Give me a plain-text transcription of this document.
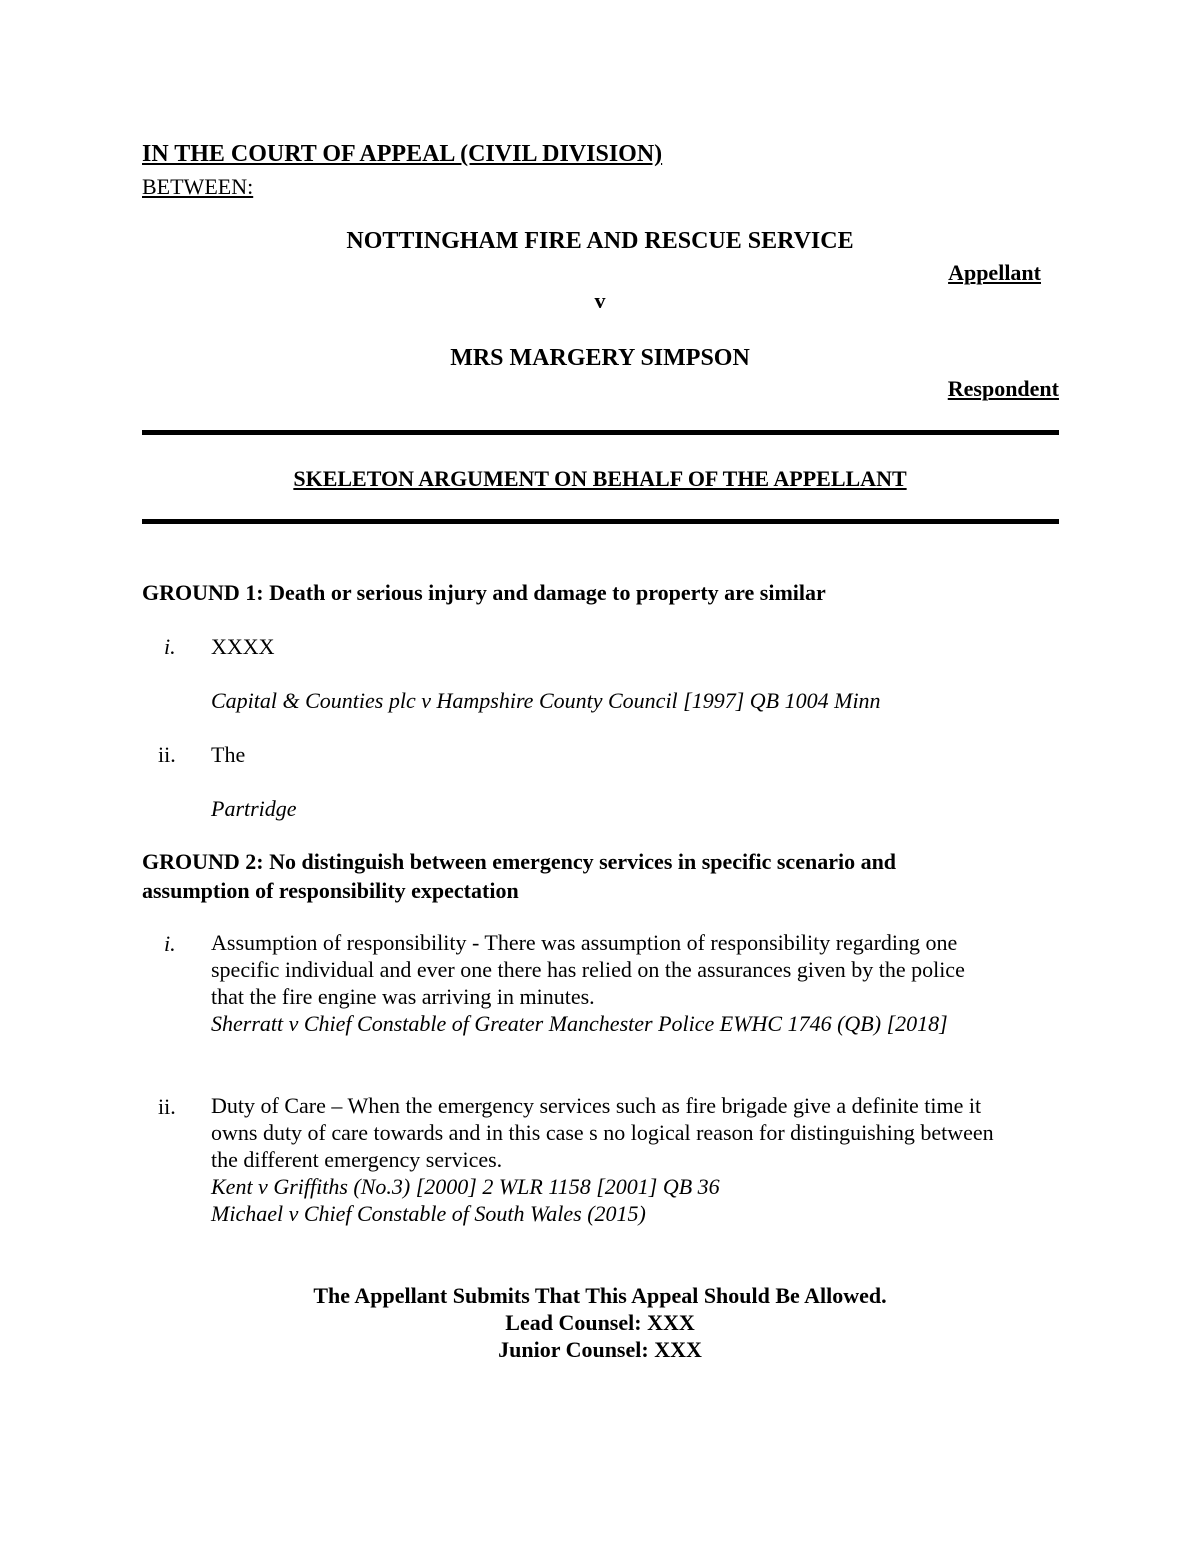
IN THE COURT OF APPEAL (CIVIL DIVISION)
BETWEEN:
NOTTINGHAM FIRE AND RESCUE SERVICE
Appellant
v
MRS MARGERY SIMPSON
Respondent
SKELETON ARGUMENT ON BEHALF OF THE APPELLANT
GROUND 1: Death or serious injury and damage to property are similar
i. XXXX
Capital & Counties plc v Hampshire County Council [1997] QB 1004 Minn
ii. The
Partridge
GROUND 2: No distinguish between emergency services in specific scenario and
assumption of responsibility expectation
i. Assumption of responsibility - There was assumption of responsibility regarding one
specific individual and ever one there has relied on the assurances given by the police
that the fire engine was arriving in minutes.
Sherratt v Chief Constable of Greater Manchester Police EWHC 1746 (QB) [2018]
ii. Duty of Care – When the emergency services such as fire brigade give a definite time it
owns duty of care towards and in this case s no logical reason for distinguishing between
the different emergency services.
Kent v Griffiths (No.3) [2000] 2 WLR 1158 [2001] QB 36
Michael v Chief Constable of South Wales (2015)
The Appellant Submits That This Appeal Should Be Allowed.
Lead Counsel: XXX
Junior Counsel: XXX
